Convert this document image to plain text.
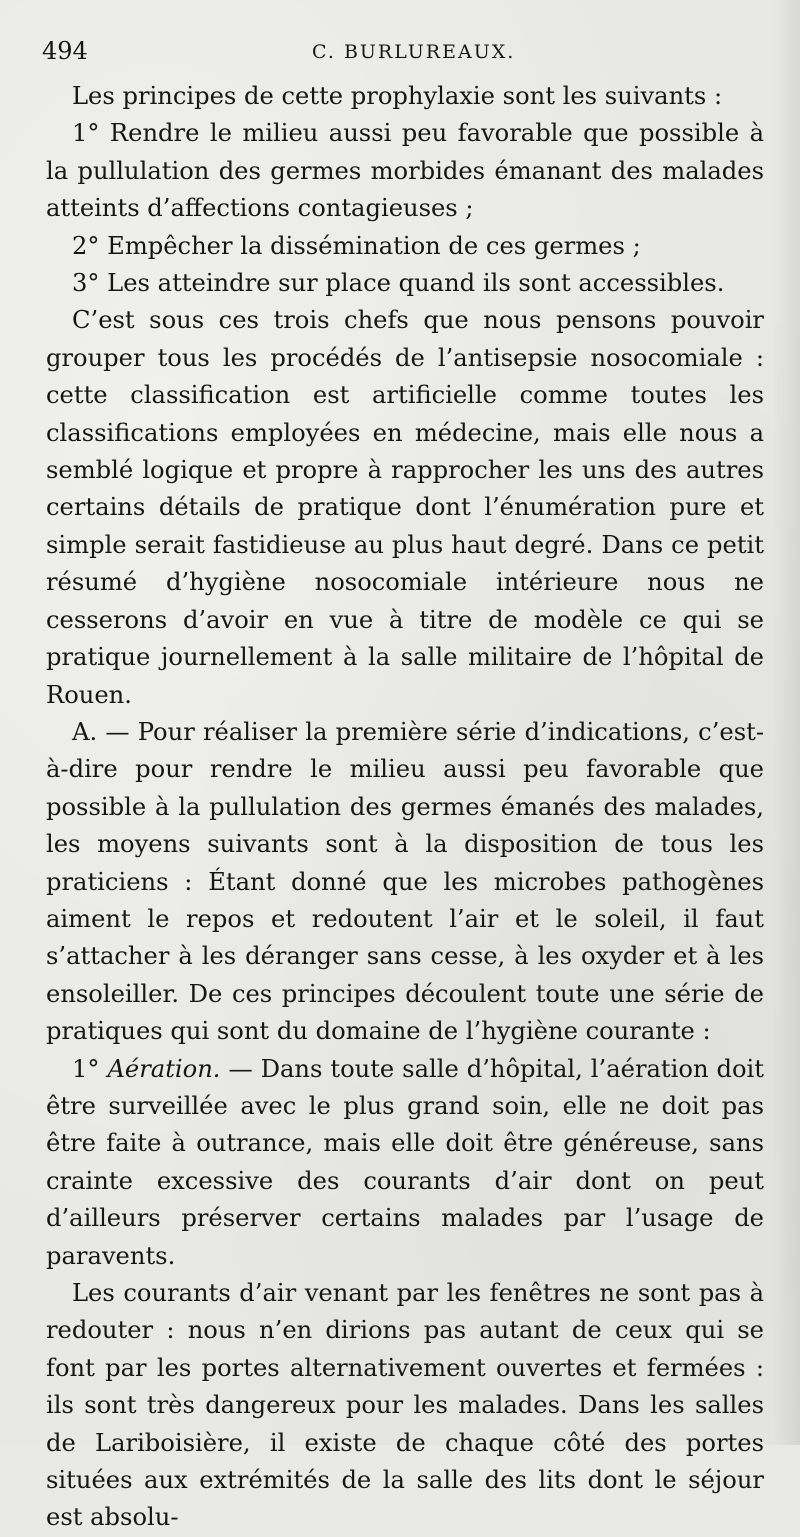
494	C. BURLUREAUX.

Les principes de cette prophylaxie sont les suivants :

1° Rendre le milieu aussi peu favorable que possible à la pullulation des germes morbides émanant des malades atteints d’affections contagieuses ;

2° Empêcher la dissémination de ces germes ;

3° Les atteindre sur place quand ils sont accessibles.

C’est sous ces trois chefs que nous pensons pouvoir grouper tous les procédés de l’antisepsie nosocomiale : cette classification est artificielle comme toutes les classifications employées en médecine, mais elle nous a semblé logique et propre à rapprocher les uns des autres certains détails de pratique dont l’énumération pure et simple serait fastidieuse au plus haut degré. Dans ce petit résumé d’hygiène nosocomiale intérieure nous ne cesserons d’avoir en vue à titre de modèle ce qui se pratique journellement à la salle militaire de l’hôpital de Rouen.

A. — Pour réaliser la première série d’indications, c’est-à-dire pour rendre le milieu aussi peu favorable que possible à la pullulation des germes émanés des malades, les moyens suivants sont à la disposition de tous les praticiens : Étant donné que les microbes pathogènes aiment le repos et redoutent l’air et le soleil, il faut s’attacher à les déranger sans cesse, à les oxyder et à les ensoleiller. De ces principes découlent toute une série de pratiques qui sont du domaine de l’hygiène courante :

1° Aération. — Dans toute salle d’hôpital, l’aération doit être surveillée avec le plus grand soin, elle ne doit pas être faite à outrance, mais elle doit être généreuse, sans crainte excessive des courants d’air dont on peut d’ailleurs préserver certains malades par l’usage de paravents.

Les courants d’air venant par les fenêtres ne sont pas à redouter : nous n’en dirions pas autant de ceux qui se font par les portes alternativement ouvertes et fermées : ils sont très dangereux pour les malades. Dans les salles de Lariboisière, il existe de chaque côté des portes situées aux extrémités de la salle des lits dont le séjour est absolu-
